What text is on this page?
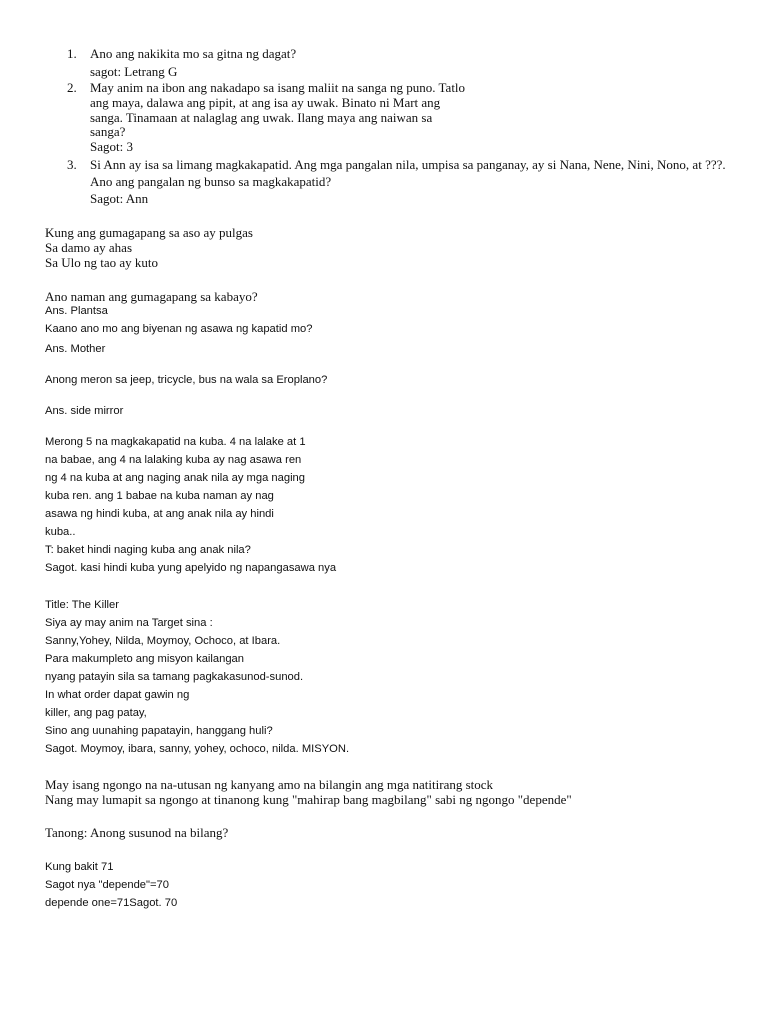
1. Ano ang nakikita mo sa gitna ng dagat?
sagot: Letrang G
2. May anim na ibon ang nakadapo sa isang maliit na sanga ng puno. Tatlo
ang maya, dalawa ang pipit, at ang isa ay uwak. Binato ni Mart ang
sanga. Tinamaan at nalaglag ang uwak. Ilang maya ang naiwan sa
sanga?
Sagot: 3
3. Si Ann ay isa sa limang magkakapatid. Ang mga pangalan nila, umpisa sa panganay, ay si Nana, Nene, Nini, Nono, at ???.
Ano ang pangalan ng bunso sa magkakapatid?
Sagot: Ann
Kung ang gumagapang sa aso ay pulgas
Sa damo ay ahas
Sa Ulo ng tao ay kuto
Ano naman ang gumagapang sa kabayo?
Ans. Plantsa
Kaano ano mo ang biyenan ng asawa ng kapatid mo?
Ans. Mother
Anong meron sa jeep, tricycle, bus na wala sa Eroplano?
Ans. side mirror
Merong 5 na magkakapatid na kuba. 4 na lalake at 1
na babae, ang 4 na lalaking kuba ay nag asawa ren
ng 4 na kuba at ang naging anak nila ay mga naging
kuba ren. ang 1 babae na kuba naman ay nag
asawa ng hindi kuba, at ang anak nila ay hindi
kuba..
T: baket hindi naging kuba ang anak nila?
Sagot. kasi hindi kuba yung apelyido ng napangasawa nya
Title: The Killer
Siya ay may anim na Target sina :
Sanny,Yohey, Nilda, Moymoy, Ochoco, at Ibara.
Para makumpleto ang misyon kailangan
nyang patayin sila sa tamang pagkakasunod-sunod.
In what order dapat gawin ng
killer, ang pag patay,
Sino ang uunahing papatayin, hanggang huli?
Sagot. Moymoy, ibara, sanny, yohey, ochoco, nilda. MISYON.
May isang ngongo na na-utusan ng kanyang amo na bilangin ang mga natitirang stock
Nang may lumapit sa ngongo at tinanong kung "mahirap bang magbilang" sabi ng ngongo "depende"
Tanong: Anong susunod na bilang?
Kung bakit 71
Sagot nya "depende"=70
depende one=71Sagot. 70
